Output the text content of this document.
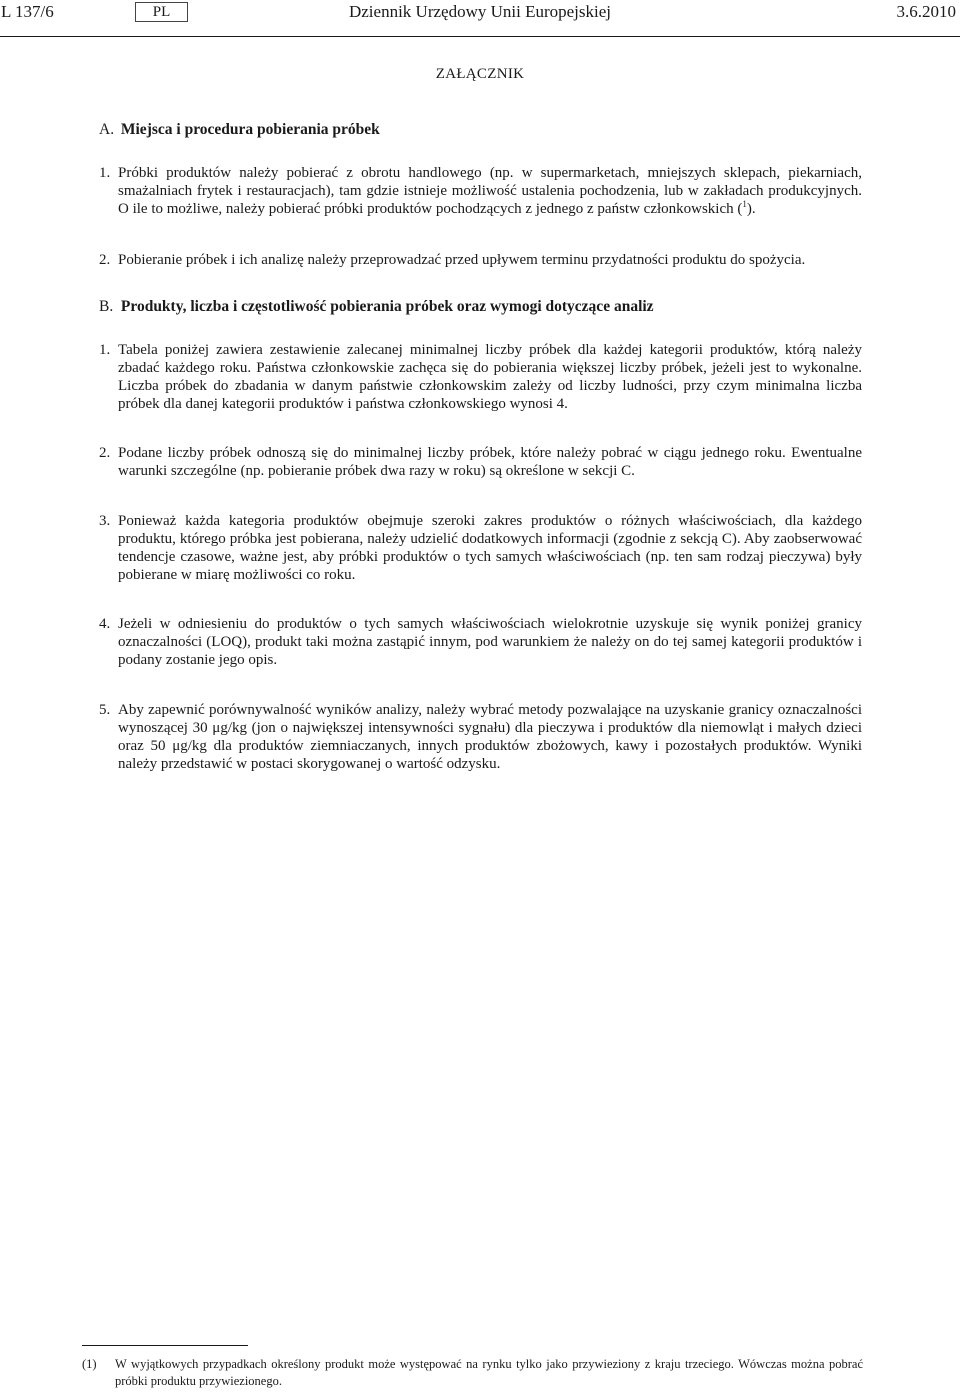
L 137/6	PL	Dziennik Urzędowy Unii Europejskiej	3.6.2010
ZAŁĄCZNIK
A. Miejsca i procedura pobierania próbek
1. Próbki produktów należy pobierać z obrotu handlowego (np. w supermarketach, mniejszych sklepach, piekarniach, smażalniach frytek i restauracjach), tam gdzie istnieje możliwość ustalenia pochodzenia, lub w zakładach produkcyjnych. O ile to możliwe, należy pobierać próbki produktów pochodzących z jednego z państw członkowskich ($^1$).
2. Pobieranie próbek i ich analizę należy przeprowadzać przed upływem terminu przydatności produktu do spożycia.
B. Produkty, liczba i częstotliwość pobierania próbek oraz wymogi dotyczące analiz
1. Tabela poniżej zawiera zestawienie zalecanej minimalnej liczby próbek dla każdej kategorii produktów, którą należy zbadać każdego roku. Państwa członkowskie zachęca się do pobierania większej liczby próbek, jeżeli jest to wykonalne. Liczba próbek do zbadania w danym państwie członkowskim zależy od liczby ludności, przy czym minimalna liczba próbek dla danej kategorii produktów i państwa członkowskiego wynosi 4.
2. Podane liczby próbek odnoszą się do minimalnej liczby próbek, które należy pobrać w ciągu jednego roku. Ewentualne warunki szczególne (np. pobieranie próbek dwa razy w roku) są określone w sekcji C.
3. Ponieważ każda kategoria produktów obejmuje szeroki zakres produktów o różnych właściwościach, dla każdego produktu, którego próbka jest pobierana, należy udzielić dodatkowych informacji (zgodnie z sekcją C). Aby zaobserwować tendencje czasowe, ważne jest, aby próbki produktów o tych samych właściwościach (np. ten sam rodzaj pieczywa) były pobierane w miarę możliwości co roku.
4. Jeżeli w odniesieniu do produktów o tych samych właściwościach wielokrotnie uzyskuje się wynik poniżej granicy oznaczalności (LOQ), produkt taki można zastąpić innym, pod warunkiem że należy on do tej samej kategorii produktów i podany zostanie jego opis.
5. Aby zapewnić porównywalność wyników analizy, należy wybrać metody pozwalające na uzyskanie granicy oznaczalności wynoszącej 30 μg/kg (jon o największej intensywności sygnału) dla pieczywa i produktów dla niemowląt i małych dzieci oraz 50 μg/kg dla produktów ziemniaczanych, innych produktów zbożowych, kawy i pozostałych produktów. Wyniki należy przedstawić w postaci skorygowanej o wartość odzysku.
(1) W wyjątkowych przypadkach określony produkt może występować na rynku tylko jako przywieziony z kraju trzeciego. Wówczas można pobrać próbki produktu przywiezionego.
